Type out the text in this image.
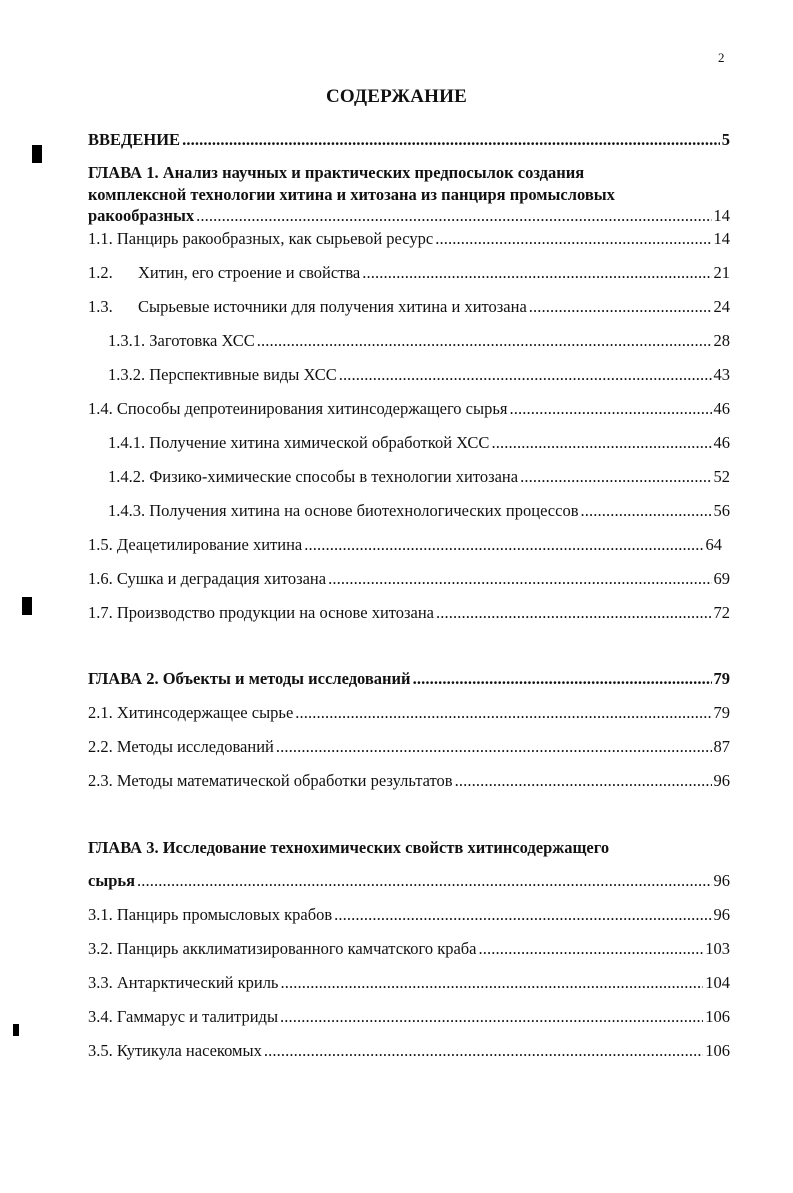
2
СОДЕРЖАНИЕ
ВВЕДЕНИЕ . . .	5
ГЛАВА 1. Анализ научных и практических предпосылок создания
комплексной технологии хитина и хитозана из панциря промысловых
ракообразных . . .	14
1.1. Панцирь ракообразных, как сырьевой ресурс . . .	14
1.2. Хитин, его строение и свойства . . .	21
1.3. Сырьевые источники для получения хитина и хитозана . . .	24
1.3.1. Заготовка ХСС . . .	28
1.3.2. Перспективные виды ХСС . . .	43
1.4. Способы депротеинирования хитинсодержащего сырья . . .	46
1.4.1. Получение хитина химической обработкой ХСС . . .	46
1.4.2. Физико-химические способы в технологии хитозана . . .	52
1.4.3. Получения хитина на основе биотехнологических процессов . . .	56
1.5. Деацетилирование хитина . . .	64
1.6. Сушка и деградация хитозана . . .	69
1.7. Производство продукции на основе хитозана . . .	72
ГЛАВА 2. Объекты и методы исследований . . .	79
2.1. Хитинсодержащее сырье . . .	79
2.2. Методы исследований . . .	87
2.3. Методы математической обработки результатов . . .	96
ГЛАВА 3. Исследование технохимических свойств хитинсодержащего
сырья . . .	96
3.1. Панцирь промысловых крабов . . .	96
3.2. Панцирь акклиматизированного камчатского краба . . .	103
3.3. Антарктический криль . . .	104
3.4. Гаммарус и талитриды . . .	106
3.5. Кутикула насекомых . . .	106
